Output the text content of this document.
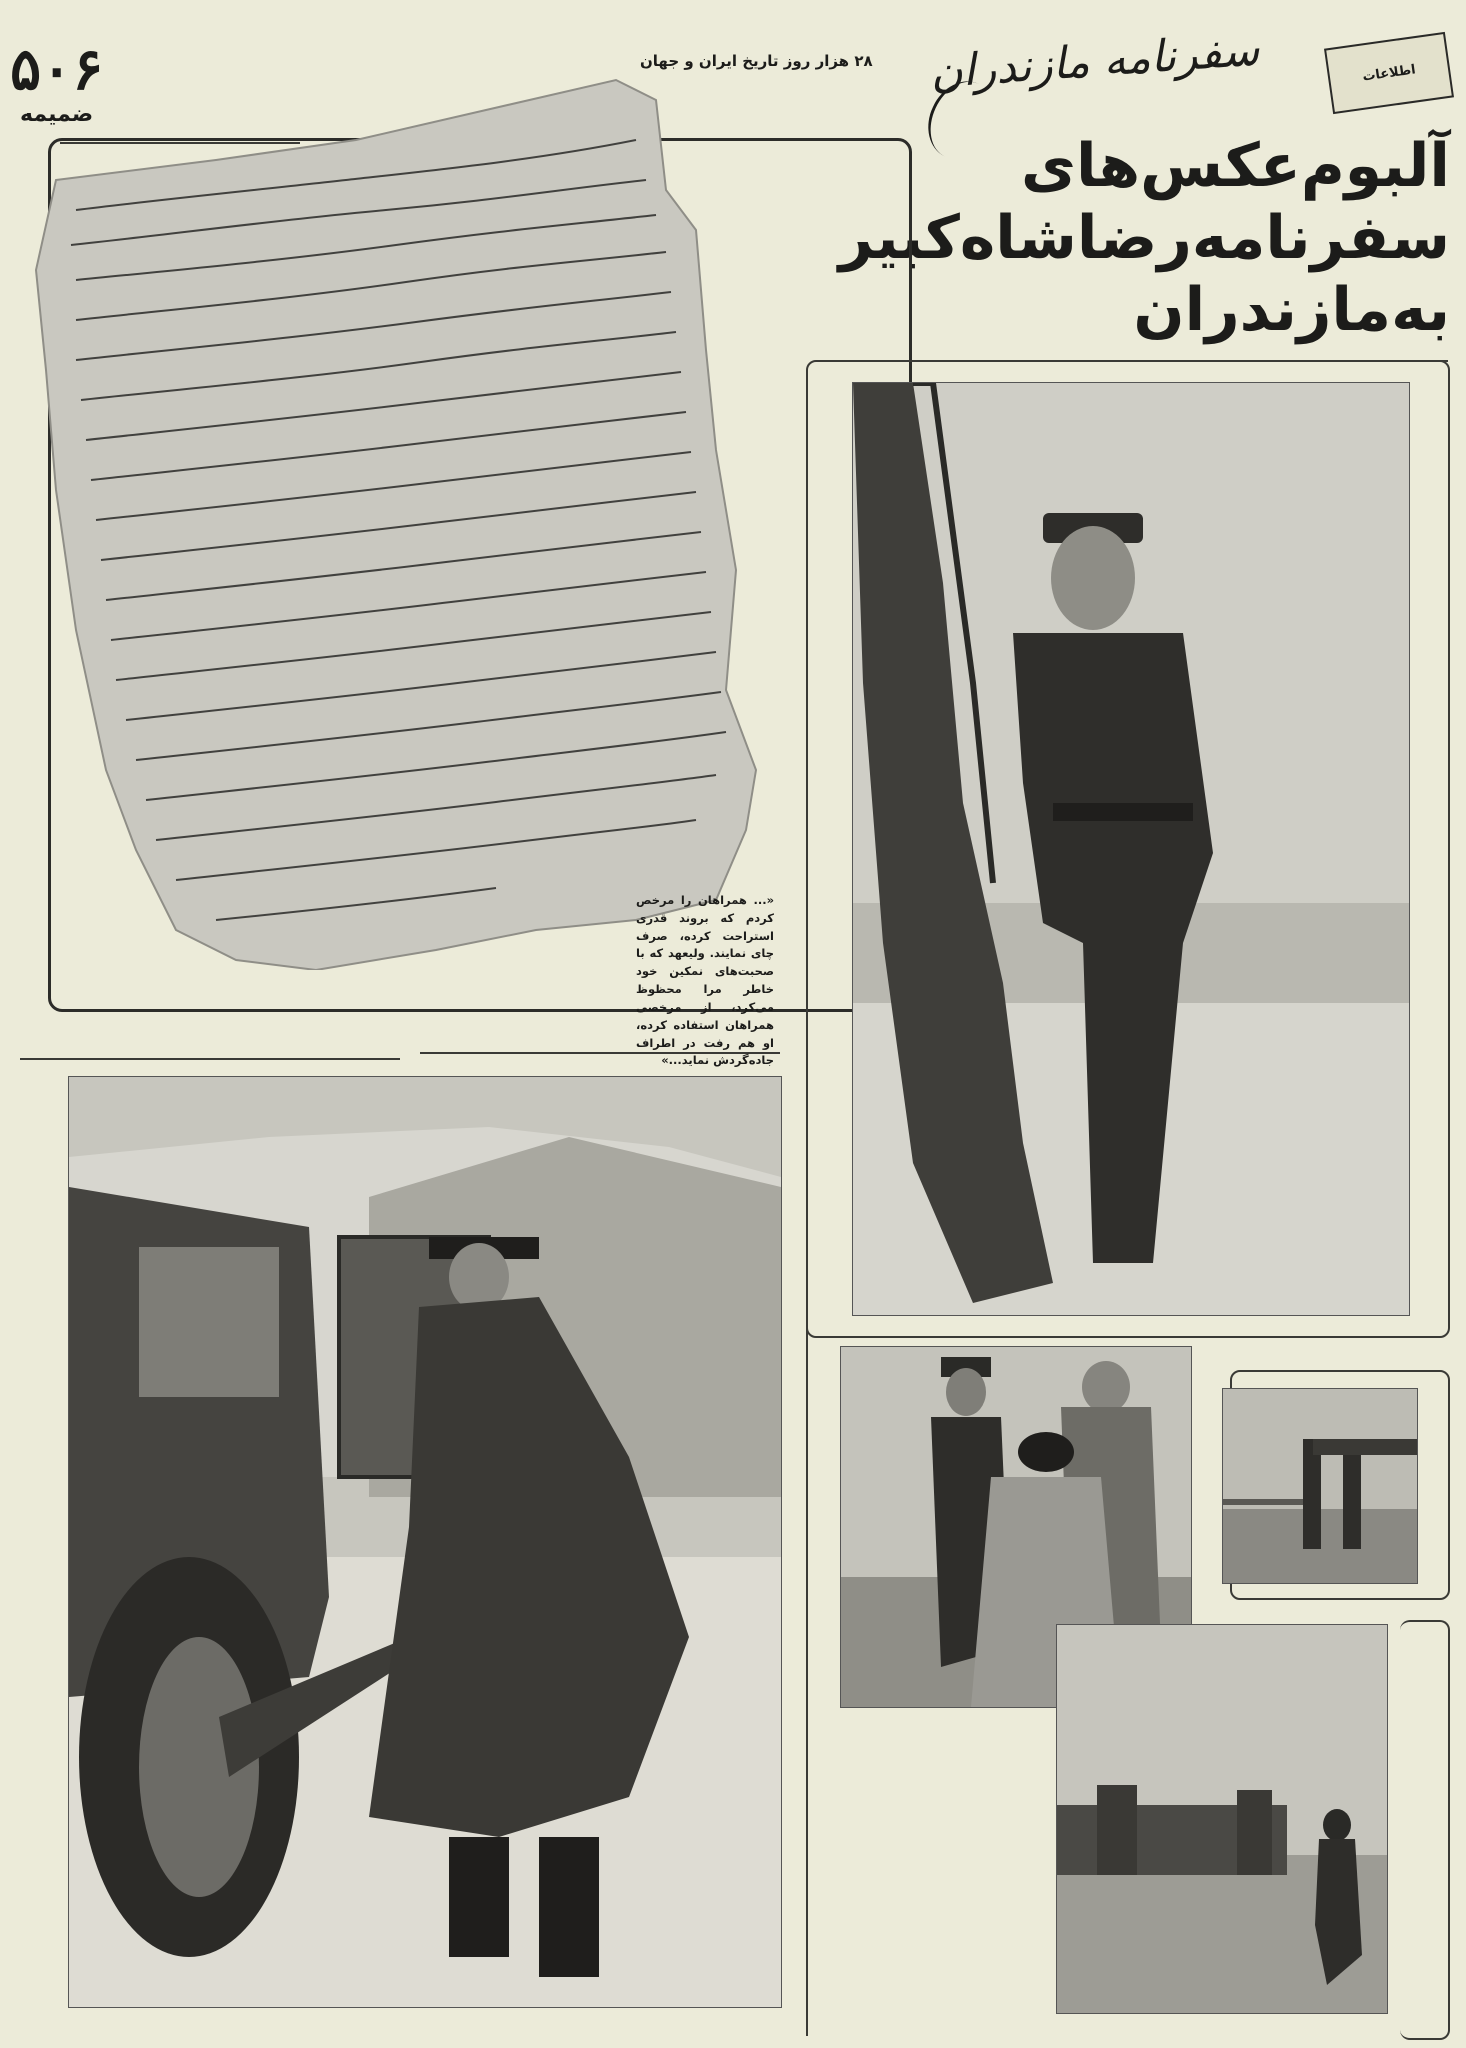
۵۰۶
ضمیمه
۲۸ هزار روز تاریخ ایران و جهان
اطلاعات
سفرنامه مازندران
آلبوم‌عکس‌های
سفرنامه‌رضاشاه‌کبیر
به‌مازندران
«... همراهان را مرخص کردم که‌ بروند قدری استراحت کرده، صرف چای نمایند. ولیعهد که با صحبت‌های نمکین خود خاطر مرا محظوظ می‌کرد، از مرخصی همراهان استفاده کرده، او هم رفت در اطراف جاده‌گردش نماید...»
